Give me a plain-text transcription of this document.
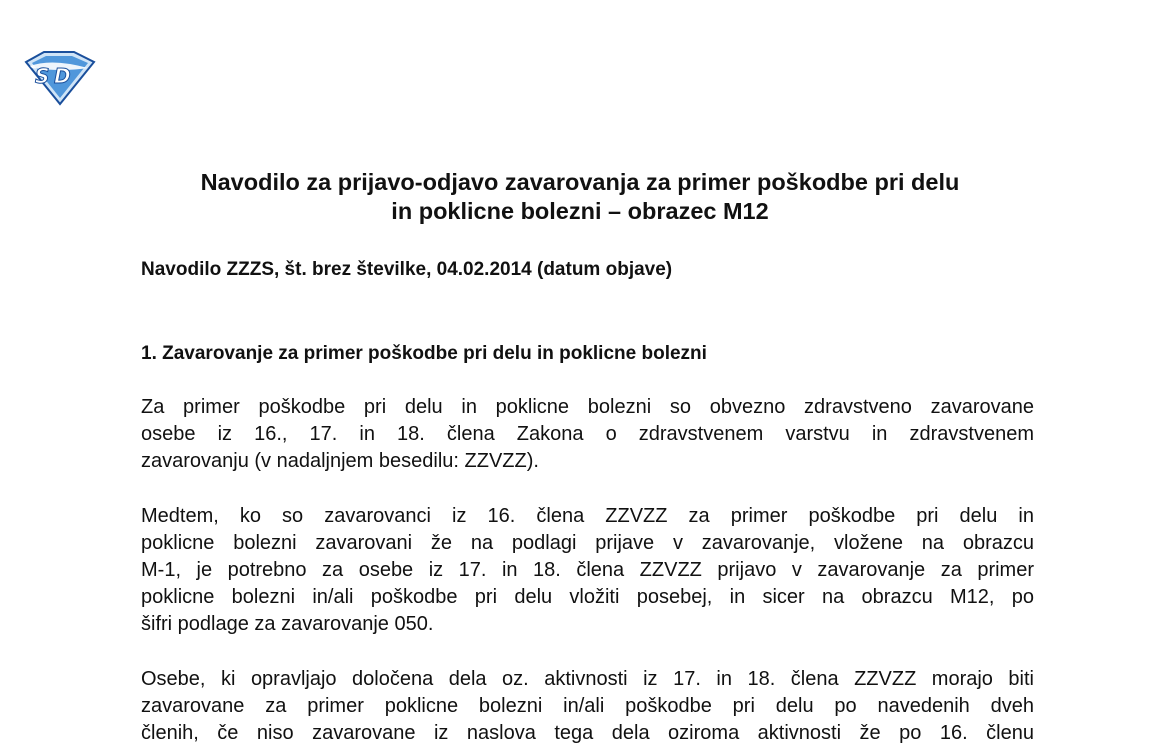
S D
Navodilo za prijavo-odjavo zavarovanja za primer poškodbe pri delu
in poklicne bolezni – obrazec M12
Navodilo ZZZS, št. brez številke, 04.02.2014 (datum objave)
1. Zavarovanje za primer poškodbe pri delu in poklicne bolezni
Za primer poškodbe pri delu in poklicne bolezni so obvezno zdravstveno zavarovane
osebe iz 16., 17. in 18. člena Zakona o zdravstvenem varstvu in zdravstvenem
zavarovanju (v nadaljnjem besedilu: ZZVZZ).
Medtem, ko so zavarovanci iz 16. člena ZZVZZ za primer poškodbe pri delu in
poklicne bolezni zavarovani že na podlagi prijave v zavarovanje, vložene na obrazcu
M-1, je potrebno za osebe iz 17. in 18. člena ZZVZZ prijavo v zavarovanje za primer
poklicne bolezni in/ali poškodbe pri delu vložiti posebej, in sicer na obrazcu M12, po
šifri podlage za zavarovanje 050.
Osebe, ki opravljajo določena dela oz. aktivnosti iz 17. in 18. člena ZZVZZ morajo biti
zavarovane za primer poklicne bolezni in/ali poškodbe pri delu po navedenih dveh
členih, če niso zavarovane iz naslova tega dela oziroma aktivnosti že po 16. členu
